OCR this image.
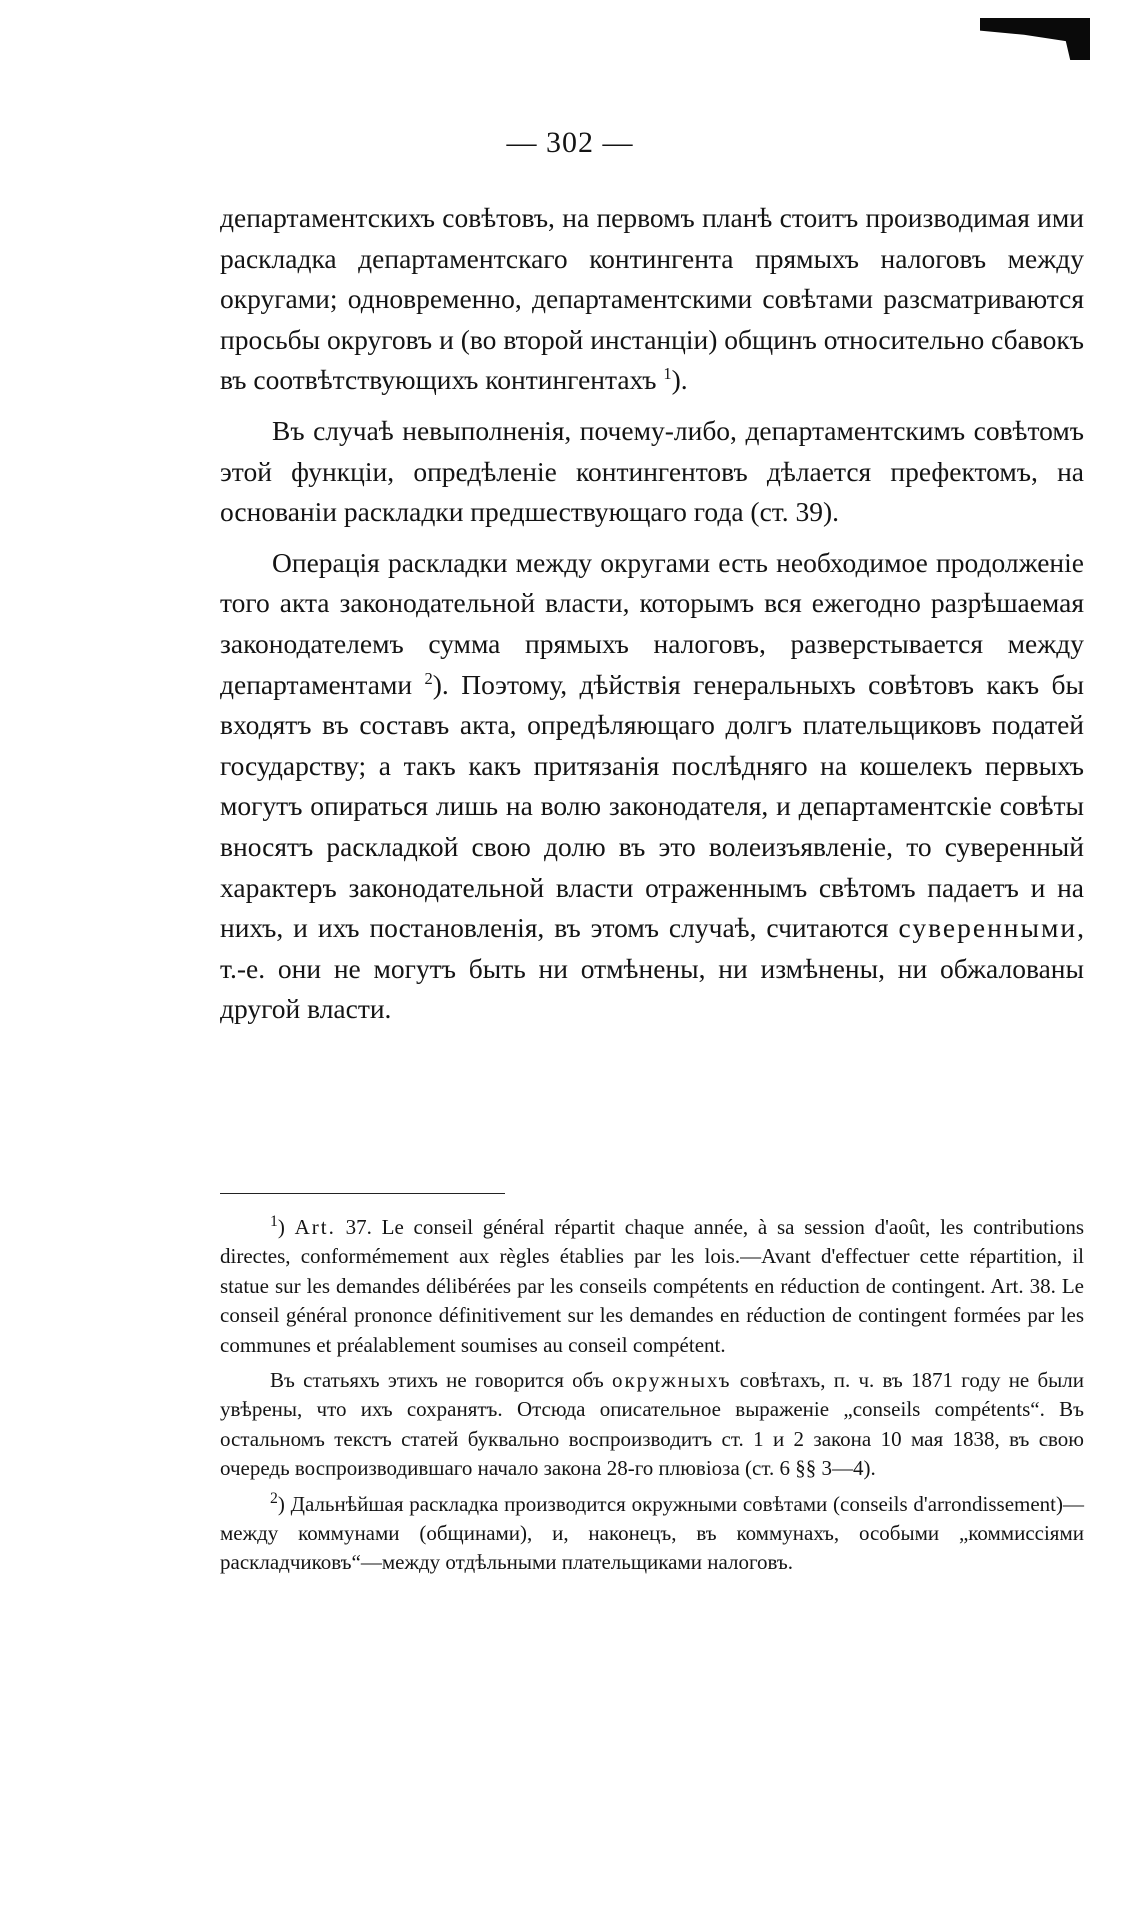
— 302 —

департаментскихъ совѣтовъ, на первомъ планѣ стоитъ производимая ими раскладка департаментскаго контингента прямыхъ налоговъ между округами; одновременно, департаментскими совѣтами разсматриваются просьбы округовъ и (во второй инстанціи) общинъ относительно сбавокъ въ соотвѣтствующихъ контингентахъ $^1$).

Въ случаѣ невыполненія, почему-либо, департаментскимъ совѣтомъ этой функціи, опредѣленіе контингентовъ дѣлается префектомъ, на основаніи раскладки предшествующаго года (ст. 39).

Операція раскладки между округами есть необходимое продолженіе того акта законодательной власти, которымъ вся ежегодно разрѣшаемая законодателемъ сумма прямыхъ налоговъ, разверстывается между департаментами $^2$). Поэтому, дѣйствія генеральныхъ совѣтовъ какъ бы входятъ въ составъ акта, опредѣляющаго долгъ плательщиковъ податей государству; а такъ какъ притязанія послѣдняго на кошелекъ первыхъ могутъ опираться лишь на волю законодателя, и департаментскіе совѣты вносятъ раскладкой свою долю въ это волеизъявленіе, то суверенный характеръ законодательной власти отраженнымъ свѣтомъ падаетъ и на нихъ, и ихъ постановленія, въ этомъ случаѣ, считаются суверенными, т.-е. они не могутъ быть ни отмѣнены, ни измѣнены, ни обжалованы другой власти.

$^1$) Art. 37. Le conseil général répartit chaque année, à sa session d'août, les contributions directes, conformémement aux règles établies par les lois.—Avant d'effectuer cette répartition, il statue sur les demandes délibérées par les conseils compétents en réduction de contingent. Art. 38. Le conseil général prononce définitivement sur les demandes en réduction de contingent formées par les communes et préalablement soumises au conseil compétent.

Въ статьяхъ этихъ не говорится объ окружныхъ совѣтахъ, п. ч. въ 1871 году не были увѣрены, что ихъ сохранятъ. Отсюда описательное выраженіе „conseils compétents“. Въ остальномъ текстъ статей буквально воспроизводитъ ст. 1 и 2 закона 10 мая 1838, въ свою очередь воспроизводившаго начало закона 28-го плювіоза (ст. 6 §§ 3—4).

$^2$) Дальнѣйшая раскладка производится окружными совѣтами (conseils d'arrondissement)—между коммунами (общинами), и, наконецъ, въ коммунахъ, особыми „коммиссіями раскладчиковъ“—между отдѣльными плательщиками налоговъ.
